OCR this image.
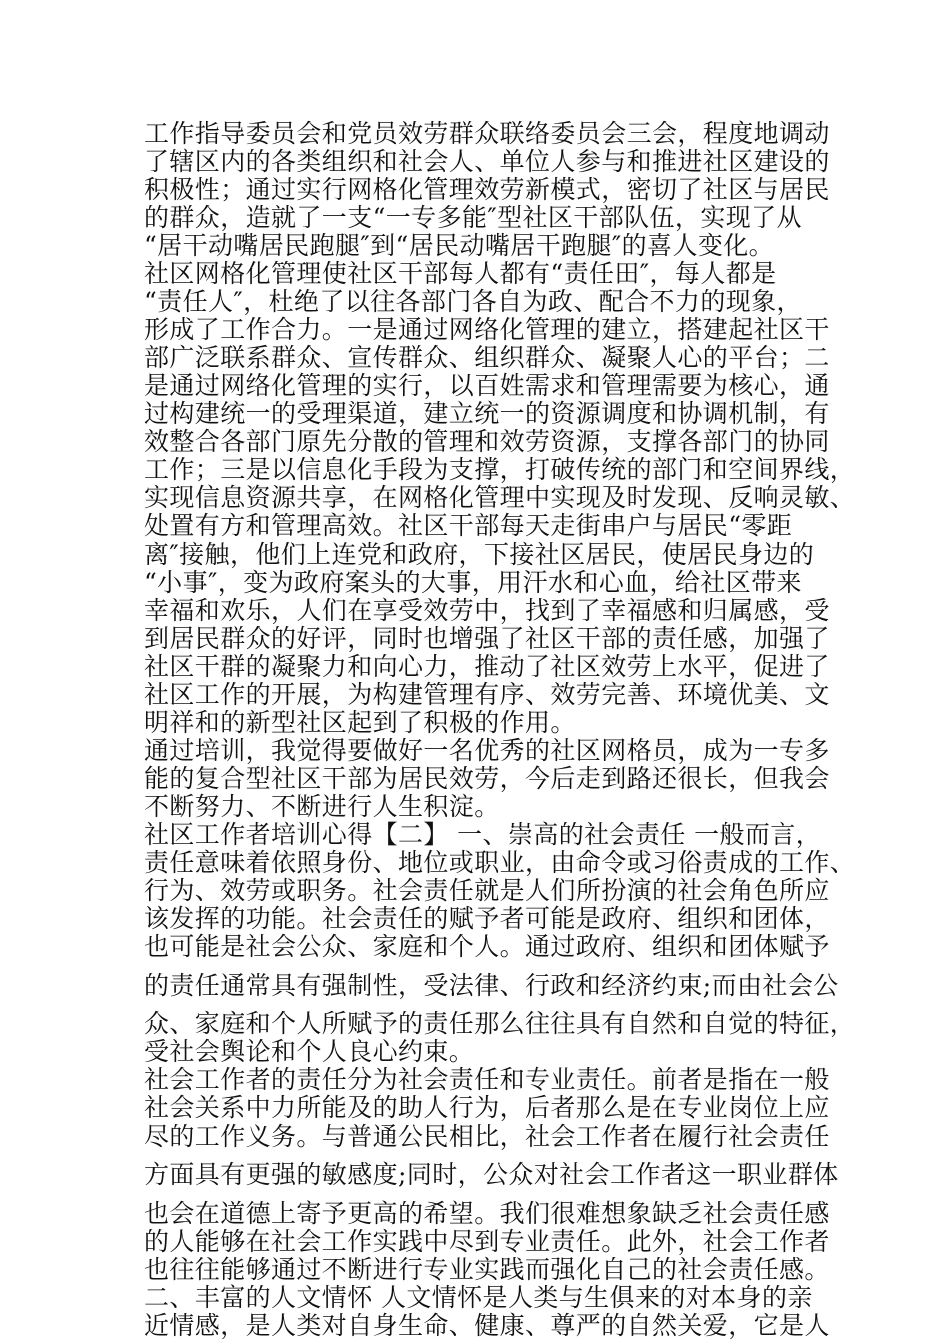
工作指导委员会和党员效劳群众联络委员会三会，程度地调动
了辖区内的各类组织和社会人、单位人参与和推进社区建设的
积极性；通过实行网格化管理效劳新模式，密切了社区与居民
的群众，造就了一支“一专多能″型社区干部队伍，实现了从
“居干动嘴居民跑腿″到“居民动嘴居干跑腿″的喜人变化。
社区网格化管理使社区干部每人都有“责任田″，每人都是
“责任人″，杜绝了以往各部门各自为政、配合不力的现象，
形成了工作合力。一是通过网络化管理的建立，搭建起社区干
部广泛联系群众、宣传群众、组织群众、凝聚人心的平台；二
是通过网络化管理的实行，以百姓需求和管理需要为核心，通
过构建统一的受理渠道，建立统一的资源调度和协调机制，有
效整合各部门原先分散的管理和效劳资源，支撑各部门的协同
工作；三是以信息化手段为支撑，打破传统的部门和空间界线，
实现信息资源共享，在网格化管理中实现及时发现、反响灵敏、
处置有方和管理高效。社区干部每天走街串户与居民“零距
离″接触，他们上连党和政府，下接社区居民，使居民身边的
“小事″，变为政府案头的大事，用汗水和心血，给社区带来
幸福和欢乐，人们在享受效劳中，找到了幸福感和归属感，受
到居民群众的好评，同时也增强了社区干部的责任感，加强了
社区干群的凝聚力和向心力，推动了社区效劳上水平，促进了
社区工作的开展，为构建管理有序、效劳完善、环境优美、文
明祥和的新型社区起到了积极的作用。
通过培训，我觉得要做好一名优秀的社区网格员，成为一专多
能的复合型社区干部为居民效劳，今后走到路还很长，但我会
不断努力、不断进行人生积淀。
社区工作者培训心得【二】 一、崇高的社会责任 一般而言，
责任意味着依照身份、地位或职业，由命令或习俗责成的工作、
行为、效劳或职务。社会责任就是人们所扮演的社会角色所应
该发挥的功能。社会责任的赋予者可能是政府、组织和团体，
也可能是社会公众、家庭和个人。通过政府、组织和团体赋予
的责任通常具有强制性，受法律、行政和经济约束;而由社会公
众、家庭和个人所赋予的责任那么往往具有自然和自觉的特征，
受社会舆论和个人良心约束。
社会工作者的责任分为社会责任和专业责任。前者是指在一般
社会关系中力所能及的助人行为，后者那么是在专业岗位上应
尽的工作义务。与普通公民相比，社会工作者在履行社会责任
方面具有更强的敏感度;同时，公众对社会工作者这一职业群体
也会在道德上寄予更高的希望。我们很难想象缺乏社会责任感
的人能够在社会工作实践中尽到专业责任。此外，社会工作者
也往往能够通过不断进行专业实践而强化自己的社会责任感。
二、丰富的人文情怀 人文情怀是人类与生俱来的对本身的亲
近情感，是人类对自身生命、健康、尊严的自然关爱，它是人
